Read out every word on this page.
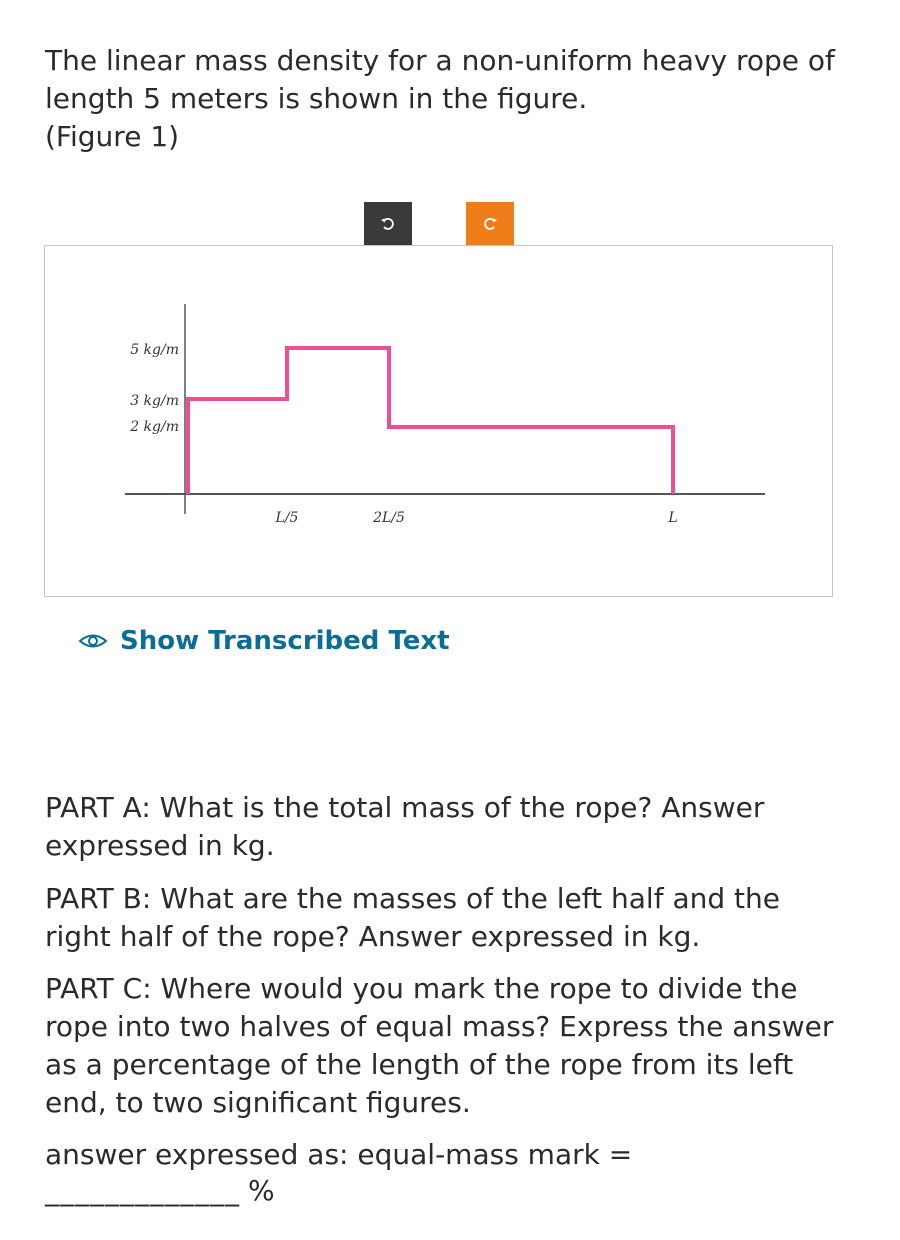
The linear mass density for a non-uniform heavy rope of
length 5 meters is shown in the figure.
(Figure 1)

5 kg/m
3 kg/m
2 kg/m
L/5	2L/5	L
Show Transcribed Text

PART A: What is the total mass of the rope? Answer
expressed in kg.

PART B: What are the masses of the left half and the
right half of the rope? Answer expressed in kg.

PART C: Where would you mark the rope to divide the
rope into two halves of equal mass? Express the answer
as a percentage of the length of the rope from its left
end, to two significant figures.

answer expressed as: equal-mass mark =
_____________ %
